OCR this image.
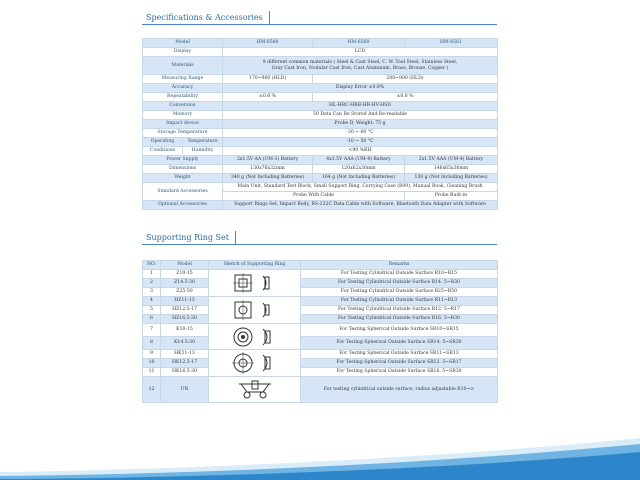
Specifications & Accessories
Model	HM-6580	HM-6560	HM-6561
Display	LCD		
Materials	9 different common materials ( Steel & Cast Steel, C. W. Tool Steel, Stainless Steel,
Gray Cast Iron, Nodular Cast Iron, Cast Aluminum, Brass, Bronze, Copper )		
Measuring Range	170~960 (HLD)	200~900 (HLD)	
Accuracy	Display Error ±0.8%		
Repeatability	±0.6 %	±0.8 %	
Conversion	HL-HRC-HRB-HB-HV-HSD		
Memory	50 Data Can Be Stored And Re-readable		
Impact device	Probe D, Weight: 75 g		
Storage Temperature	-30 ~ 60 °C		

Operating Temperature	-10 ~ 50 °C		

Conditions Humidity	<90 %RH		
Power Supply	2x1.5V AA (UM-3) Battery	4x1.5V AAA (UM-4) Battery	2x1.5V AAA (UM-4) Battery
Dimensions	130x76x32mm	120x62x30mm	146x65x36mm
Weight	340 g (Not Including Batteries)	164 g (Not Including Batteries)	130 g (Not Including Batteries)
Standard Accessories	Main Unit, Standard Test Block, Small Support Ring, Carrying Case (B09), Manual Book, Cleaning Brush		
	Probe With Cable		Probe Built-in
Optional Accessories	Support Rings Set, Impact Body, RS-232C Data Cable with Software, Bluetooth Data Adapter with Software		
Supporting Ring Set
NO.	Model	Sketch of Supporting Ring	Remarks
1	Z10-15		For Testing Cylindrical Outside Surface R10~R15
2	Z14.5-30		For Testing Cylindrical Outside Surface R14. 5~R30
3	Z25-50		For Testing Cylindrical Outside Surface R25~R50
4	HZ11-13		For Testing Cylindrical Outside Surface R11~R13
5	HZ12.5-17		For Testing Cylindrical Outside Surface R12. 5~R17
6	HZ16.5-30		For Testing Cylindrical Outside Surface R16. 5~R30
7	K10-15		For Testing Spherical Outside Surface SR10~SR15
8	K14.5-30		For Testing Spherical Outside Surface SR14. 5~SR30
9	HK11-13		For Testing Spherical Outside Surface SR11~SR13
10	HK12.5-17		For Testing Spherical Outside Surface SR12. 5~SR17
11	HK16.5-30		For Testing Spherical Outside Surface SR16. 5~SR30
12	UN		For testing cylindrical outside surface, radius adjustable R10~∞
